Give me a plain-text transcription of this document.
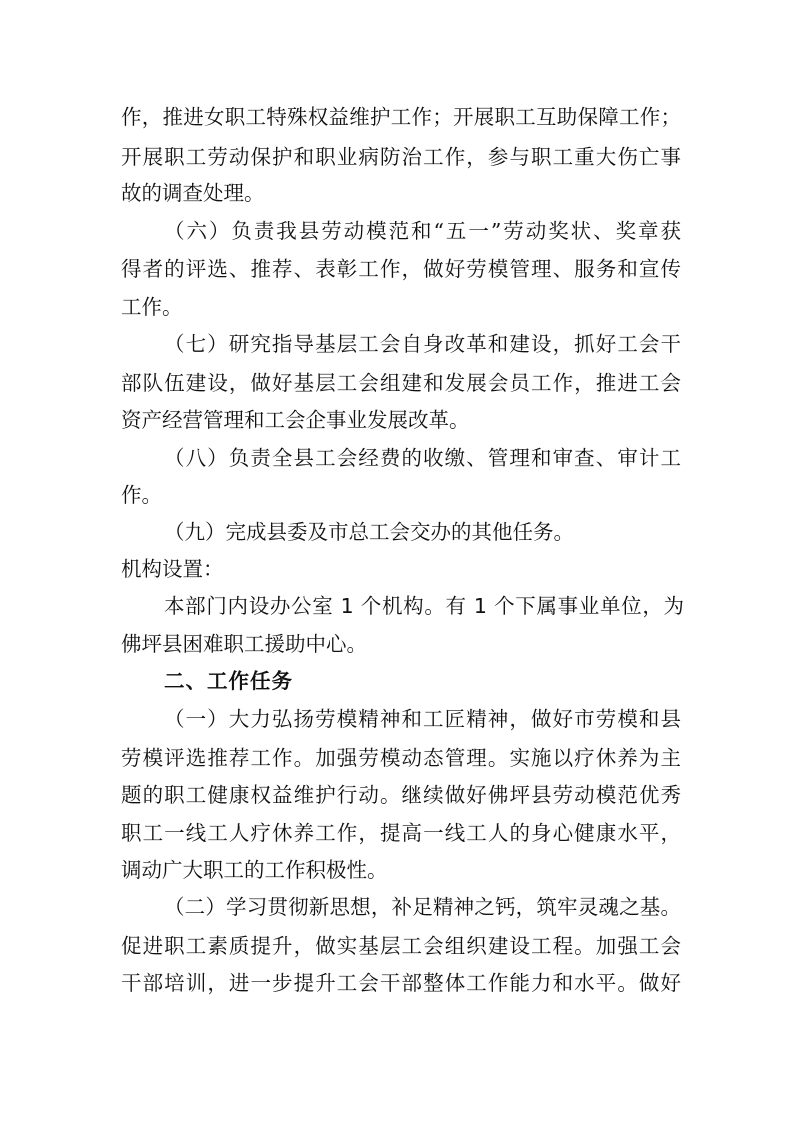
作，推进女职工特殊权益维护工作；开展职工互助保障工作；
开展职工劳动保护和职业病防治工作，参与职工重大伤亡事
故的调查处理。
（六）负责我县劳动模范和“五一”劳动奖状、奖章获
得者的评选、推荐、表彰工作，做好劳模管理、服务和宣传
工作。
（七）研究指导基层工会自身改革和建设，抓好工会干
部队伍建设，做好基层工会组建和发展会员工作，推进工会
资产经营管理和工会企事业发展改革。
（八）负责全县工会经费的收缴、管理和审查、审计工
作。
（九）完成县委及市总工会交办的其他任务。
机构设置：
本部门内设办公室 1 个机构。有 1 个下属事业单位，为
佛坪县困难职工援助中心。
二、工作任务
（一）大力弘扬劳模精神和工匠精神，做好市劳模和县
劳模评选推荐工作。加强劳模动态管理。实施以疗休养为主
题的职工健康权益维护行动。继续做好佛坪县劳动模范优秀
职工一线工人疗休养工作，提高一线工人的身心健康水平，
调动广大职工的工作积极性。
（二）学习贯彻新思想，补足精神之钙，筑牢灵魂之基。
促进职工素质提升，做实基层工会组织建设工程。加强工会
干部培训，进一步提升工会干部整体工作能力和水平。做好
